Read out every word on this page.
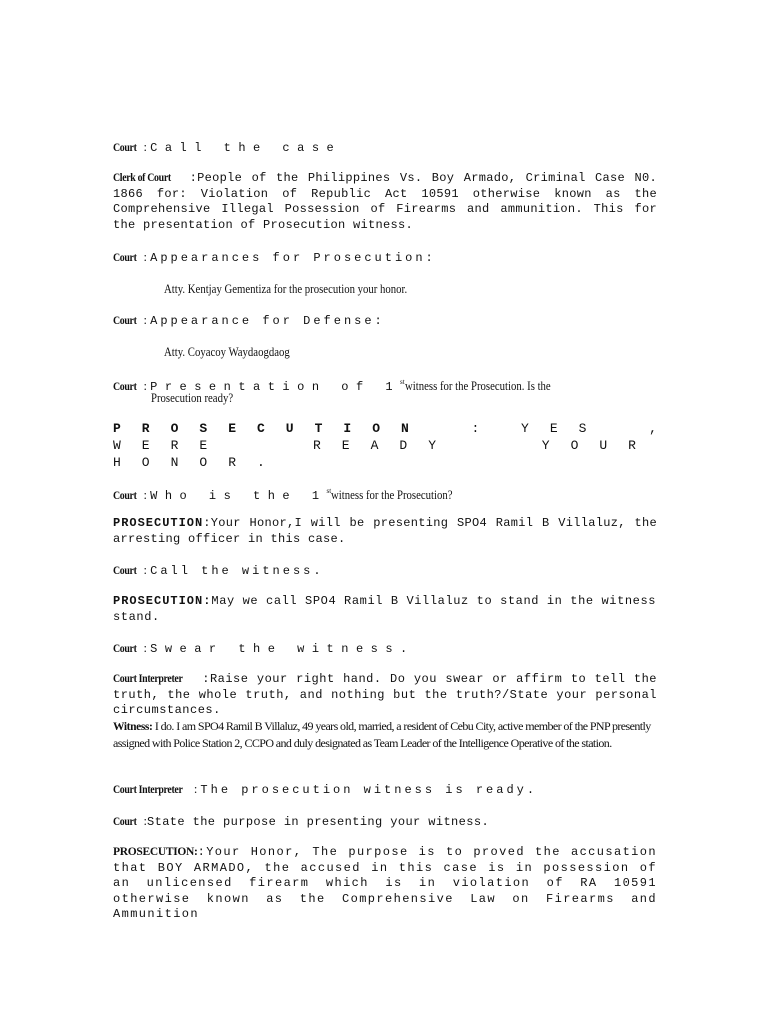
Court : Call the case
Clerk of Court :People of the Philippines Vs. Boy Armado, Criminal Case N0. 1866 for: Violation of Republic Act 10591 otherwise known as the Comprehensive Illegal Possession of Firearms and ammunition. This for the presentation of Prosecution witness.
Court : Appearances for Prosecution:
Atty. Kentjay Gementiza for the prosecution your honor.
Court : Appearance for Defense:
Atty. Coyacoy Waydaogdaog
Court : Presentation of 1stwitness for the Prosecution. Is the
Prosecution ready?
PROSECUTION	:	YES	,
WERE	READY	YOUR
HONOR.
Court : Who is the 1stwitness for the Prosecution?
PROSECUTION:Your Honor,I will be presenting SPO4 Ramil B Villaluz, the arresting officer in this case.
Court : Call the witness.
PROSECUTION:May we call SPO4 Ramil B Villaluz to stand in the witness stand.
Court : Swear the witness.
Court Interpreter :Raise your right hand. Do you swear or affirm to tell the truth, the whole truth, and nothing but the truth?/State your personal circumstances.
Witness: I do. I am SPO4 Ramil B Villaluz, 49 years old, married, a resident of Cebu City, active member of the PNP presently assigned with Police Station 2, CCPO and duly designated as Team Leader of the Intelligence Operative of the station.
Court Interpreter : The prosecution witness is ready.
Court :State the purpose in presenting your witness.
PROSECUTION::Your Honor, The purpose is to proved the accusation that BOY ARMADO, the accused in this case is in possession of an unlicensed firearm which is in violation of RA 10591 otherwise known as the Comprehensive Law on Firearms and Ammunition
